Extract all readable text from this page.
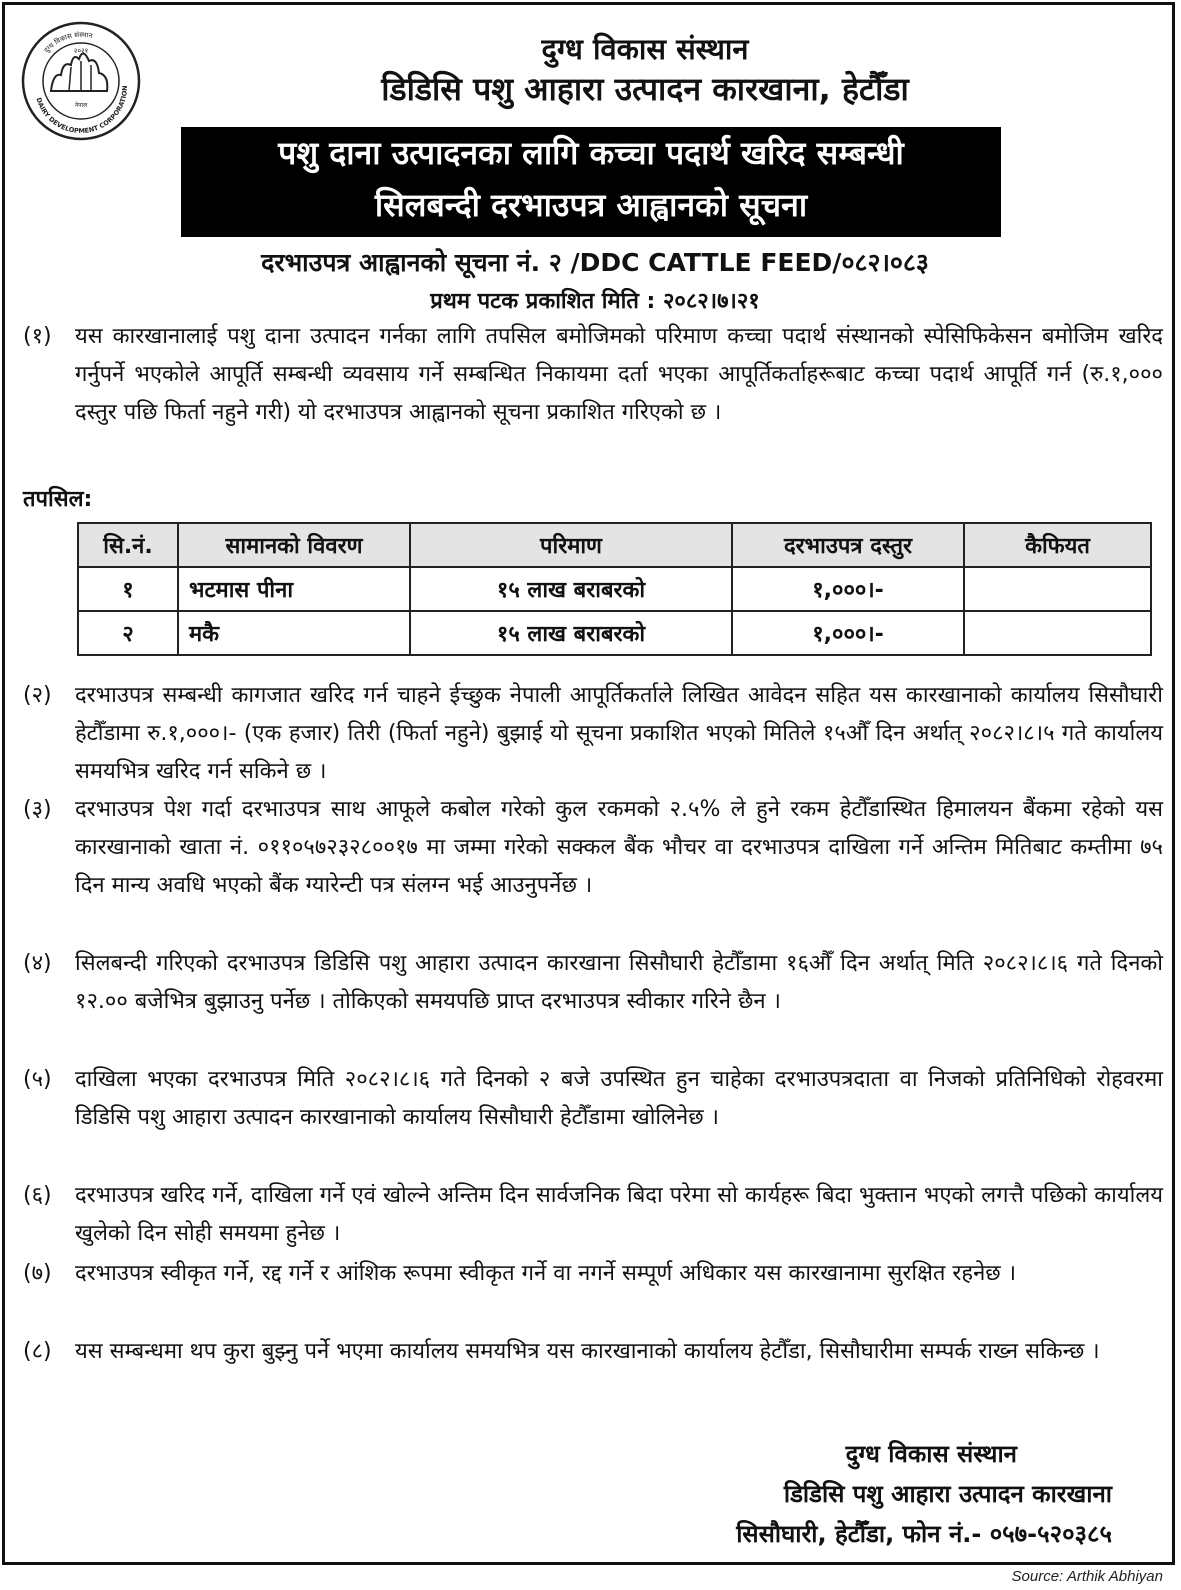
२०२१
नेपाल
DAIRY DEVELOPMENT CORPORATION
दुग्ध विकास संस्थान	दुग्ध विकास संस्थान
डिडिसि पशु आहारा उत्पादन कारखाना, हेटौँडा
पशु दाना उत्पादनका लागि कच्चा पदार्थ खरिद सम्बन्धी
सिलबन्दी दरभाउपत्र आह्वानको सूचना
दरभाउपत्र आह्वानको सूचना नं. २ /DDC CATTLE FEED/०८२।०८३
प्रथम पटक प्रकाशित मिति : २०८२।७।२१
(१)	यस कारखानालाई पशु दाना उत्पादन गर्नका लागि तपसिल बमोजिमको परिमाण कच्चा पदार्थ संस्थानको स्पेसिफिकेसन बमोजिम खरिद गर्नुपर्ने भएकोले आपूर्ति सम्बन्धी व्यवसाय गर्ने सम्बन्धित निकायमा दर्ता भएका आपूर्तिकर्ताहरूबाट कच्चा पदार्थ आपूर्ति गर्न (रु.१,००० दस्तुर पछि फिर्ता नहुने गरी) यो दरभाउपत्र आह्वानको सूचना प्रकाशित गरिएको छ ।
तपसिल:
सि.नं.	सामानको विवरण	परिमाण	दरभाउपत्र दस्तुर	कैफियत
१	भटमास पीना	१५ लाख बराबरको	१,०००।-	
२	मकै	१५ लाख बराबरको	१,०००।-	
(२)	दरभाउपत्र सम्बन्धी कागजात खरिद गर्न चाहने ईच्छुक नेपाली आपूर्तिकर्ताले लिखित आवेदन सहित यस कारखानाको कार्यालय सिसौघारी हेटौँडामा रु.१,०००।- (एक हजार) तिरी (फिर्ता नहुने) बुझाई यो सूचना प्रकाशित भएको मितिले १५औँ दिन अर्थात् २०८२।८।५ गते कार्यालय समयभित्र खरिद गर्न सकिने छ ।
(३)	दरभाउपत्र पेश गर्दा दरभाउपत्र साथ आफूले कबोल गरेको कुल रकमको २.५% ले हुने रकम हेटौँडास्थित हिमालयन बैंकमा रहेको यस कारखानाको खाता नं. ०११०५७२३२८००१७ मा जम्मा गरेको सक्कल बैंक भौचर वा दरभाउपत्र दाखिला गर्ने अन्तिम मितिबाट कम्तीमा ७५ दिन मान्य अवधि भएको बैंक ग्यारेन्टी पत्र संलग्न भई आउनुपर्नेछ ।
(४)	सिलबन्दी गरिएको दरभाउपत्र डिडिसि पशु आहारा उत्पादन कारखाना सिसौघारी हेटौँडामा १६औँ दिन अर्थात् मिति २०८२।८।६ गते दिनको १२.०० बजेभित्र बुझाउनु पर्नेछ । तोकिएको समयपछि प्राप्त दरभाउपत्र स्वीकार गरिने छैन ।
(५)	दाखिला भएका दरभाउपत्र मिति २०८२।८।६ गते दिनको २ बजे उपस्थित हुन चाहेका दरभाउपत्रदाता वा निजको प्रतिनिधिको रोहवरमा डिडिसि पशु आहारा उत्पादन कारखानाको कार्यालय सिसौघारी हेटौँडामा खोलिनेछ ।
(६)	दरभाउपत्र खरिद गर्ने, दाखिला गर्ने एवं खोल्ने अन्तिम दिन सार्वजनिक बिदा परेमा सो कार्यहरू बिदा भुक्तान भएको लगत्तै पछिको कार्यालय खुलेको दिन सोही समयमा हुनेछ ।
(७)	दरभाउपत्र स्वीकृत गर्ने, रद्द गर्ने र आंशिक रूपमा स्वीकृत गर्ने वा नगर्ने सम्पूर्ण अधिकार यस कारखानामा सुरक्षित रहनेछ ।
(८)	यस सम्बन्धमा थप कुरा बुझ्नु पर्ने भएमा कार्यालय समयभित्र यस कारखानाको कार्यालय हेटौँडा, सिसौघारीमा सम्पर्क राख्न सकिन्छ ।
दुग्ध विकास संस्थान
डिडिसि पशु आहारा उत्पादन कारखाना
सिसौघारी, हेटौँडा, फोन नं.- ०५७-५२०३८५
Source: Arthik Abhiyan
